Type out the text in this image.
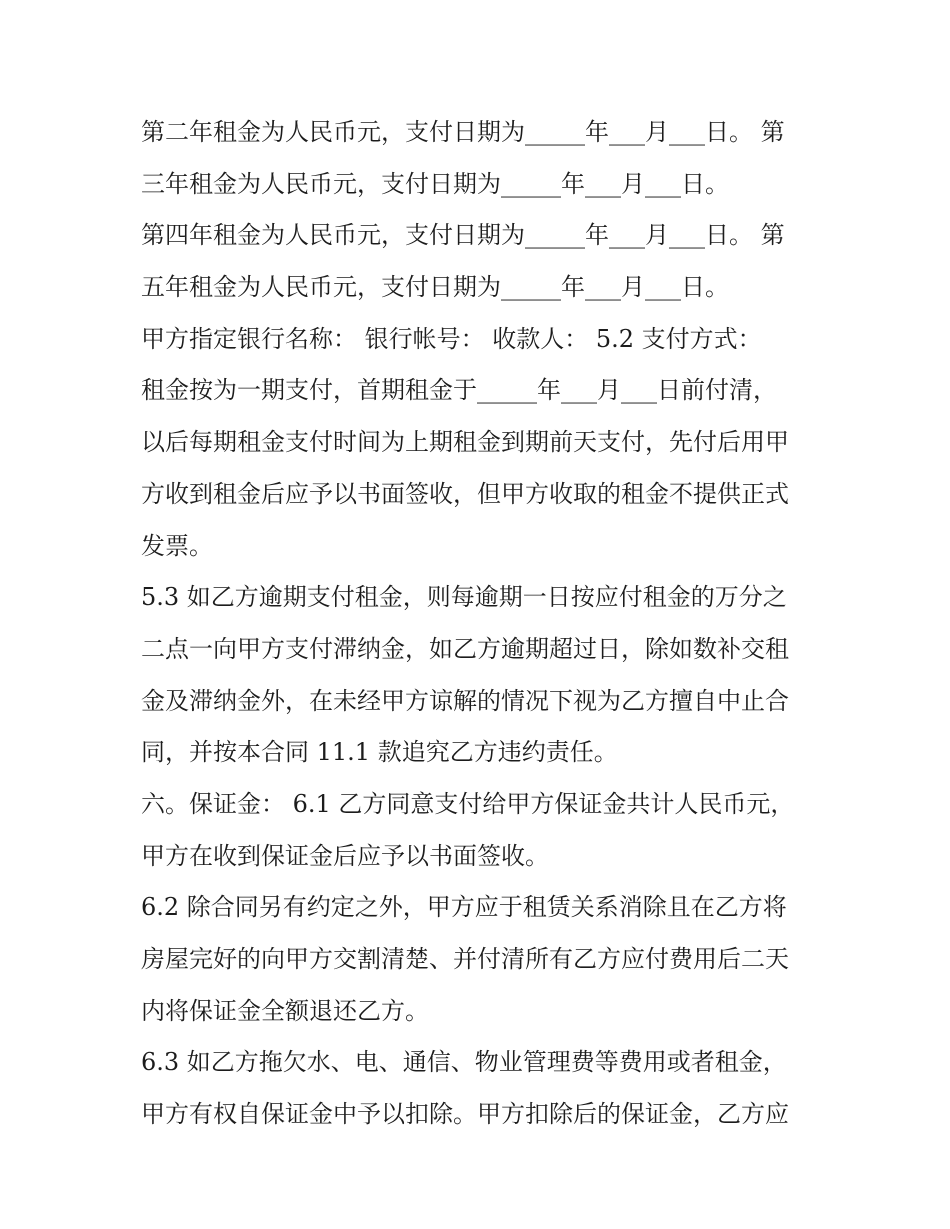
第二年租金为人民币元，支付日期为_____年___月___日。 第
三年租金为人民币元，支付日期为_____年___月___日。
第四年租金为人民币元，支付日期为_____年___月___日。 第
五年租金为人民币元，支付日期为_____年___月___日。
甲方指定银行名称： 银行帐号： 收款人： 5.2 支付方式：
租金按为一期支付，首期租金于_____年___月___日前付清，
以后每期租金支付时间为上期租金到期前天支付，先付后用甲
方收到租金后应予以书面签收，但甲方收取的租金不提供正式
发票。
5.3 如乙方逾期支付租金，则每逾期一日按应付租金的万分之
二点一向甲方支付滞纳金，如乙方逾期超过日，除如数补交租
金及滞纳金外，在未经甲方谅解的情况下视为乙方擅自中止合
同，并按本合同 11.1 款追究乙方违约责任。
六。保证金： 6.1 乙方同意支付给甲方保证金共计人民币元，
甲方在收到保证金后应予以书面签收。
6.2 除合同另有约定之外，甲方应于租赁关系消除且在乙方将
房屋完好的向甲方交割清楚、并付清所有乙方应付费用后二天
内将保证金全额退还乙方。
6.3 如乙方拖欠水、电、通信、物业管理费等费用或者租金，
甲方有权自保证金中予以扣除。甲方扣除后的保证金，乙方应
